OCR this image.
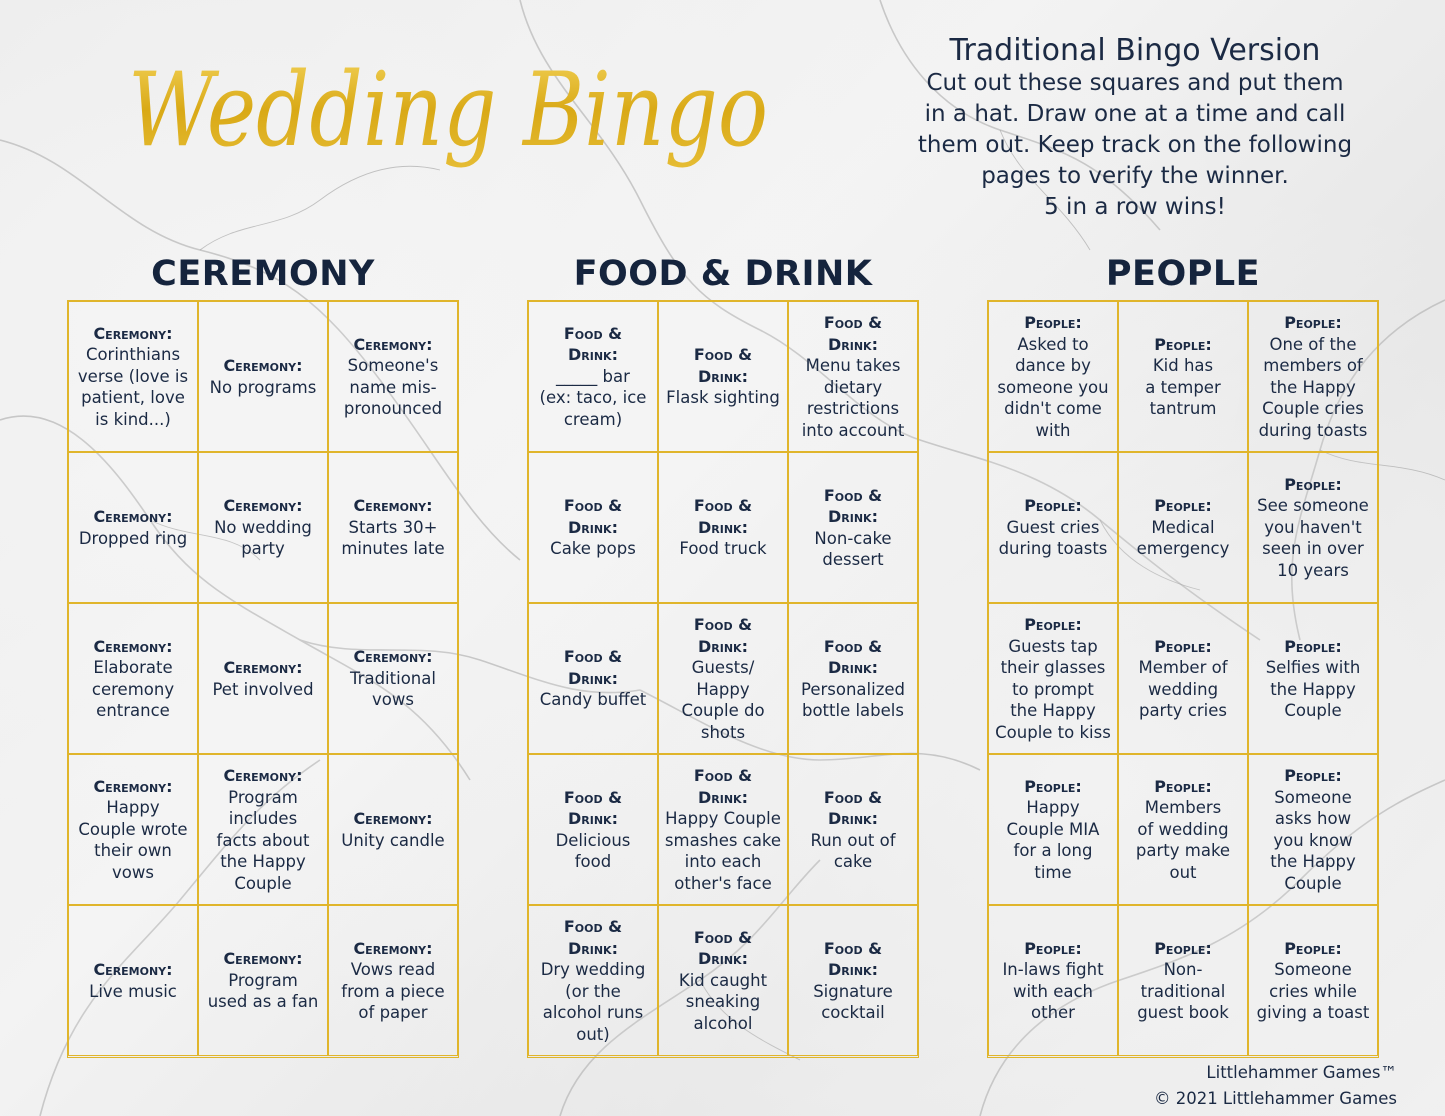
Wedding Bingo
Traditional Bingo Version
Cut out these squares and put them
in a hat. Draw one at a time and call
them out. Keep track on the following
pages to verify the winner.
5 in a row wins!
CEREMONY
Ceremony:
Corinthians
verse (love is
patient, love
is kind...)
Ceremony:
No programs
Ceremony:
Someone's
name mis-
pronounced
Ceremony:
Dropped ring
Ceremony:
No wedding
party
Ceremony:
Starts 30+
minutes late
Ceremony:
Elaborate
ceremony
entrance
Ceremony:
Pet involved
Ceremony:
Traditional
vows
Ceremony:
Happy
Couple wrote
their own
vows
Ceremony:
Program
includes
facts about
the Happy
Couple
Ceremony:
Unity candle
Ceremony:
Live music
Ceremony:
Program
used as a fan
Ceremony:
Vows read
from a piece
of paper
FOOD & DRINK
Food &
Drink:
_____ bar
(ex: taco, ice
cream)
Food &
Drink:
Flask sighting
Food &
Drink:
Menu takes
dietary
restrictions
into account
Food &
Drink:
Cake pops
Food &
Drink:
Food truck
Food &
Drink:
Non-cake
dessert
Food &
Drink:
Candy buffet
Food &
Drink:
Guests/
Happy
Couple do
shots
Food &
Drink:
Personalized
bottle labels
Food &
Drink:
Delicious
food
Food &
Drink:
Happy Couple
smashes cake
into each
other's face
Food &
Drink:
Run out of
cake
Food &
Drink:
Dry wedding
(or the
alcohol runs
out)
Food &
Drink:
Kid caught
sneaking
alcohol
Food &
Drink:
Signature
cocktail
PEOPLE
People:
Asked to
dance by
someone you
didn't come
with
People:
Kid has
a temper
tantrum
People:
One of the
members of
the Happy
Couple cries
during toasts
People:
Guest cries
during toasts
People:
Medical
emergency
People:
See someone
you haven't
seen in over
10 years
People:
Guests tap
their glasses
to prompt
the Happy
Couple to kiss
People:
Member of
wedding
party cries
People:
Selfies with
the Happy
Couple
People:
Happy
Couple MIA
for a long
time
People:
Members
of wedding
party make
out
People:
Someone
asks how
you know
the Happy
Couple
People:
In-laws fight
with each
other
People:
Non-
traditional
guest book
People:
Someone
cries while
giving a toast
Littlehammer Games™
© 2021 Littlehammer Games
